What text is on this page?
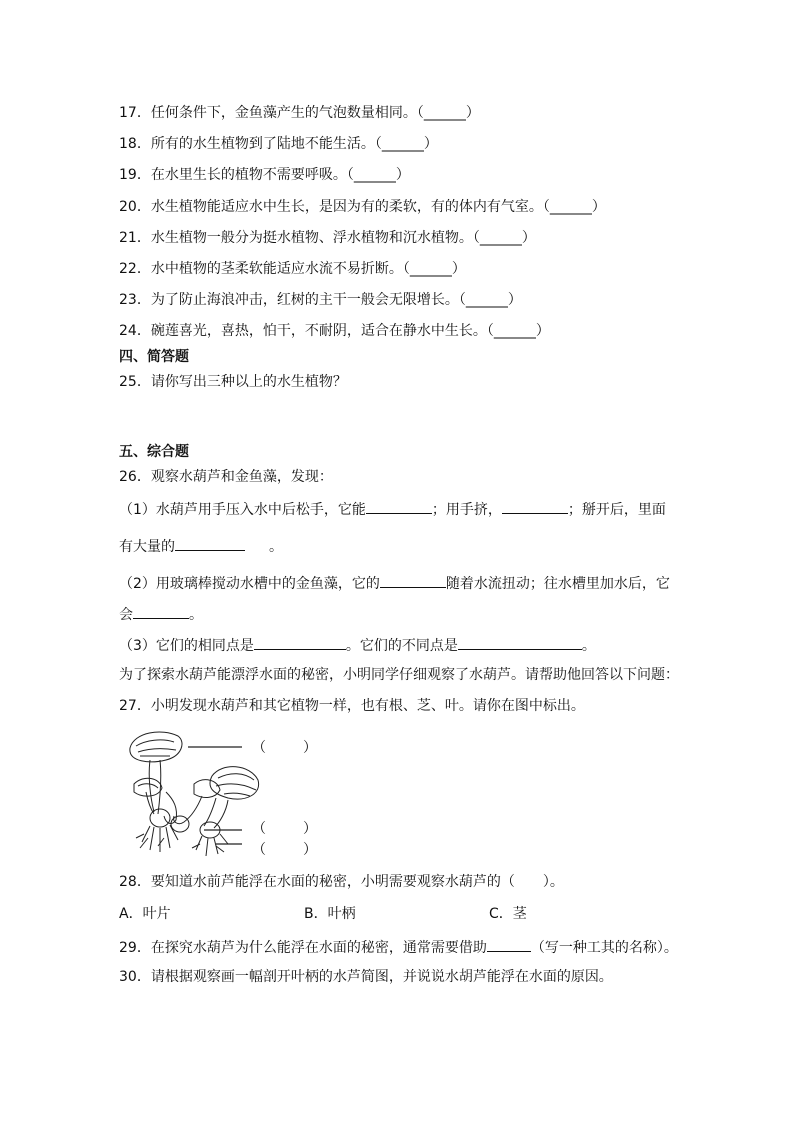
17．任何条件下，金鱼藻产生的气泡数量相同。（______）
18．所有的水生植物到了陆地不能生活。（______）
19．在水里生长的植物不需要呼吸。（______）
20．水生植物能适应水中生长，是因为有的柔软，有的体内有气室。（______）
21．水生植物一般分为挺水植物、浮水植物和沉水植物。（______）
22．水中植物的茎柔软能适应水流不易折断。（______）
23．为了防止海浪冲击，红树的主干一般会无限增长。（______）
24．碗莲喜光，喜热，怕干，不耐阴，适合在静水中生长。（______）
四、简答题
25．请你写出三种以上的水生植物？
五、综合题
26．观察水葫芦和金鱼藻，发现：
（1）水葫芦用手压入水中后松手，它能	；用手挤，	；掰开后，里面
有大量的	。
（2）用玻璃棒搅动水槽中的金鱼藻，它的	随着水流扭动；往水槽里加水后，它
会	。
（3）它们的相同点是	。它们的不同点是	。
为了探索水葫芦能漂浮水面的秘密，小明同学仔细观察了水葫芦。请帮助他回答以下问题：
27．小明发现水葫芦和其它植物一样，也有根、芝、叶。请你在图中标出。
（	）
（	）
（	）
28．要知道水前芦能浮在水面的秘密，小明需要观察水葫芦的（　　）。
A．叶片	B．叶柄	C．茎
29．在探究水葫芦为什么能浮在水面的秘密，通常需要借助	（写一种工其的名称）。
30．请根据观察画一幅剖开叶柄的水芦简图，并说说水胡芦能浮在水面的原因。
